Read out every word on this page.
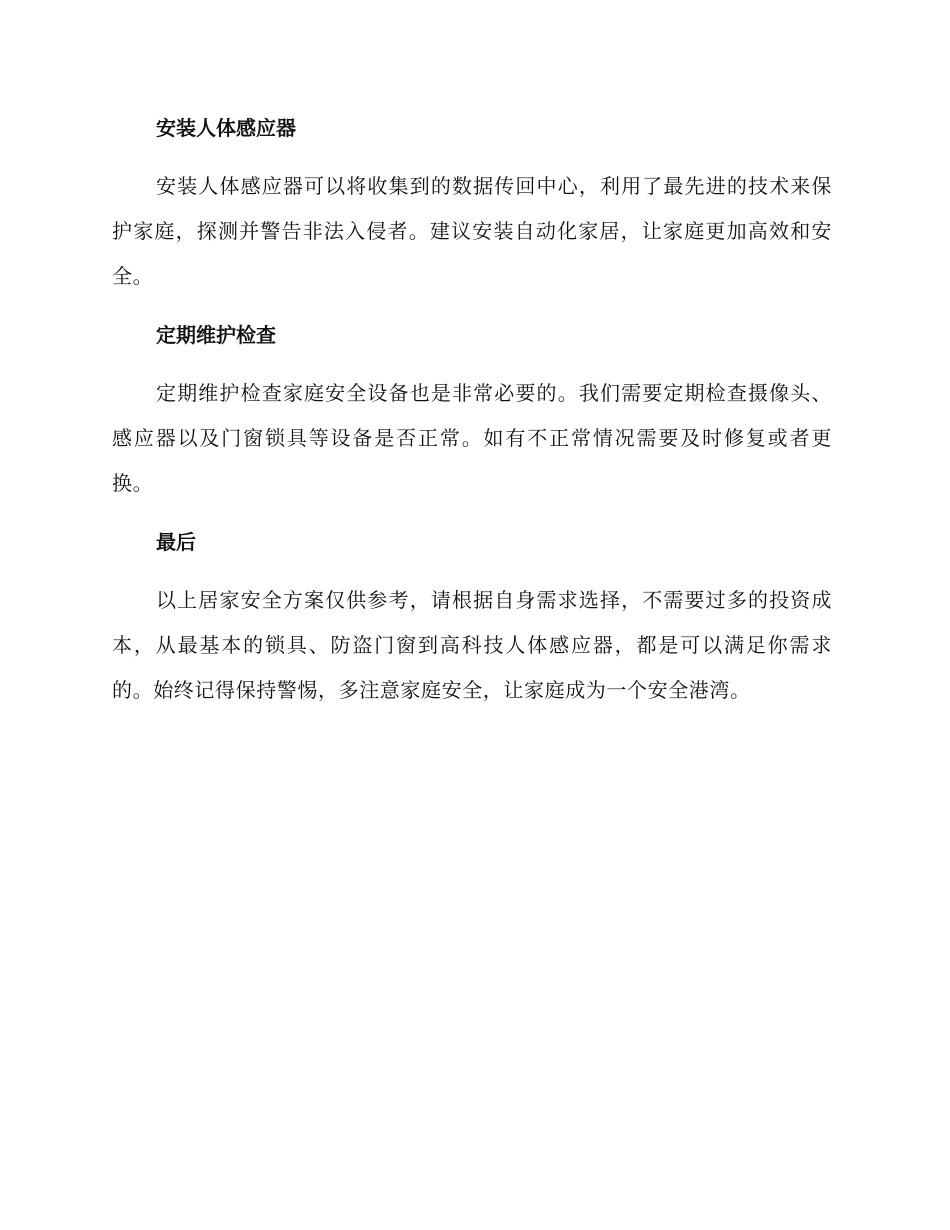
安装人体感应器

安装人体感应器可以将收集到的数据传回中心，利用了最先进的技术来保护家庭，探测并警告非法入侵者。建议安装自动化家居，让家庭更加高效和安全。

定期维护检查

定期维护检查家庭安全设备也是非常必要的。我们需要定期检查摄像头、感应器以及门窗锁具等设备是否正常。如有不正常情况需要及时修复或者更换。

最后

以上居家安全方案仅供参考，请根据自身需求选择，不需要过多的投资成本，从最基本的锁具、防盗门窗到高科技人体感应器，都是可以满足你需求的。始终记得保持警惕，多注意家庭安全，让家庭成为一个安全港湾。
